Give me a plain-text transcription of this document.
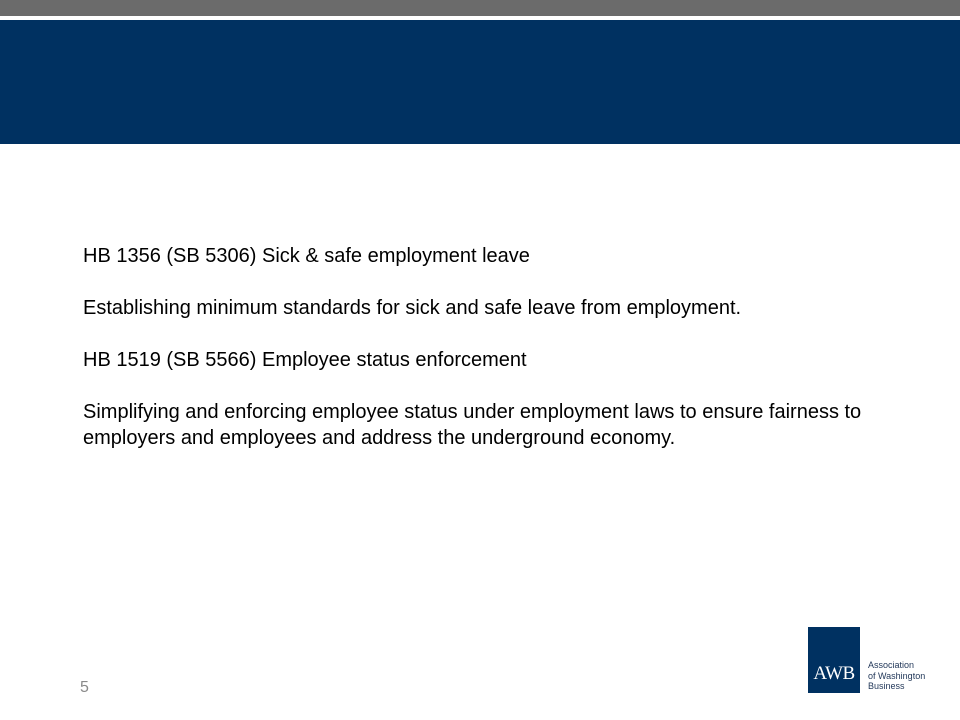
HB 1356 (SB 5306) Sick & safe employment leave

Establishing minimum standards for sick and safe leave from employment.

HB 1519 (SB 5566) Employee status enforcement

Simplifying and enforcing employee status under employment laws to ensure fairness to employers and employees and address the underground economy.

5
AWB	Association
of Washington
Business
